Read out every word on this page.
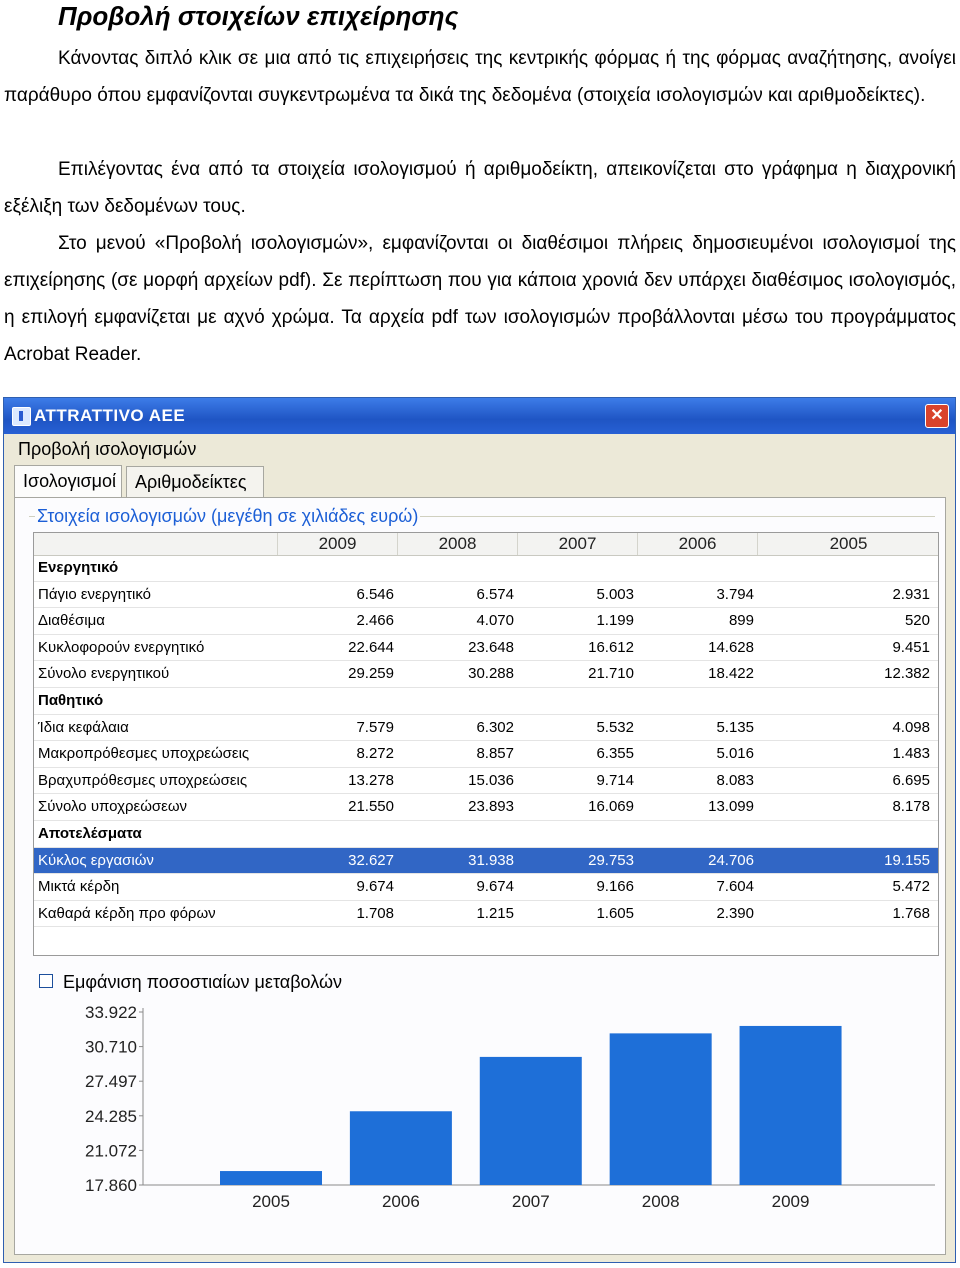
Προβολή στοιχείων επιχείρησης
Κάνοντας διπλό κλικ σε μια από τις επιχειρήσεις της κεντρικής φόρμας ή της φόρμας αναζήτησης, ανοίγει παράθυρο όπου εμφανίζονται συγκεντρωμένα τα δικά της δεδομένα (στοιχεία ισολογισμών και αριθμοδείκτες).
Επιλέγοντας ένα από τα στοιχεία ισολογισμού ή αριθμοδείκτη, απεικονίζεται στο γράφημα η διαχρονική εξέλιξη των δεδομένων τους.
Στο μενού «Προβολή ισολογισμών», εμφανίζονται οι διαθέσιμοι πλήρεις δημοσιευμένοι ισολογισμοί της επιχείρησης (σε μορφή αρχείων pdf). Σε περίπτωση που για κάποια χρονιά δεν υπάρχει διαθέσιμος ισολογισμός, η επιλογή εμφανίζεται με αχνό χρώμα. Τα αρχεία pdf των ισολογισμών προβάλλονται μέσω του προγράμματος Acrobat Reader.
ATTRATTIVO AEE	✕
Προβολή ισολογισμών
Ισολογισμοί	Αριθμοδείκτες
Στοιχεία ισολογισμών (μεγέθη σε χιλιάδες ευρώ)
2009	2008	2007	2006	2005
Ενεργητικό
Πάγιο ενεργητικό	6.546	6.574	5.003	3.794	2.931
Διαθέσιμα	2.466	4.070	1.199	899	520
Κυκλοφορούν ενεργητικό	22.644	23.648	16.612	14.628	9.451
Σύνολο ενεργητικού	29.259	30.288	21.710	18.422	12.382
Παθητικό
Ίδια κεφάλαια	7.579	6.302	5.532	5.135	4.098
Μακροπρόθεσμες υποχρεώσεις	8.272	8.857	6.355	5.016	1.483
Βραχυπρόθεσμες υποχρεώσεις	13.278	15.036	9.714	8.083	6.695
Σύνολο υποχρεώσεων	21.550	23.893	16.069	13.099	8.178
Αποτελέσματα
Κύκλος εργασιών	32.627	31.938	29.753	24.706	19.155
Μικτά κέρδη	9.674	9.674	9.166	7.604	5.472
Καθαρά κέρδη προ φόρων	1.708	1.215	1.605	2.390	1.768
Εμφάνιση ποσοστιαίων μεταβολών
17.860
21.072
24.285
27.497
30.710
33.922
2005	2006	2007	2008	2009
